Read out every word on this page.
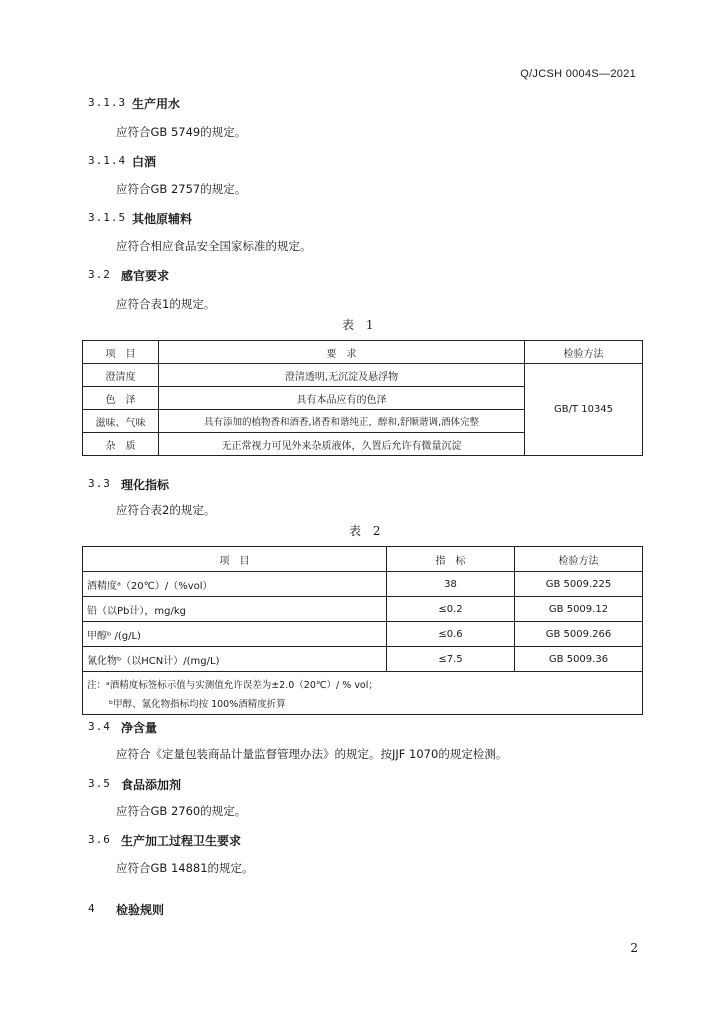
Q/JCSH 0004S—2021
3.1.3 生产用水
应符合GB 5749的规定。
3.1.4 白酒
应符合GB 2757的规定。
3.1.5 其他原辅料
应符合相应食品安全国家标准的规定。
3.2 感官要求
应符合表1的规定。
表 1
项　目	要　求	检验方法
澄清度	澄清透明,无沉淀及悬浮物	GB/T 10345
色　泽	具有本品应有的色泽	
滋味、气味	具有添加的植物香和酒香,诸香和谐纯正，醇和,舒顺谐调,酒体完整	
杂　质	无正常视力可见外来杂质液体，久置后允许有微量沉淀	
3.3 理化指标
应符合表2的规定。
表 2
项　目	指　标	检验方法
酒精度ᵃ（20℃）/（%vol）	38	GB 5009.225
铅（以Pb计），mg/kg	≤0.2	GB 5009.12
甲醇ᵇ /(g/L)	≤0.6	GB 5009.266
氰化物ᵇ（以HCN计）/(mg/L)	≤7.5	GB 5009.36

注：ᵃ酒精度标签标示值与实测值允许误差为±2.0（20℃）/ % vol；
ᵇ甲醇、氰化物指标均按 100%酒精度折算		
3.4 净含量
应符合《定量包装商品计量监督管理办法》的规定。按JJF 1070的规定检测。
3.5 食品添加剂
应符合GB 2760的规定。
3.6 生产加工过程卫生要求
应符合GB 14881的规定。
4 检验规则
2
